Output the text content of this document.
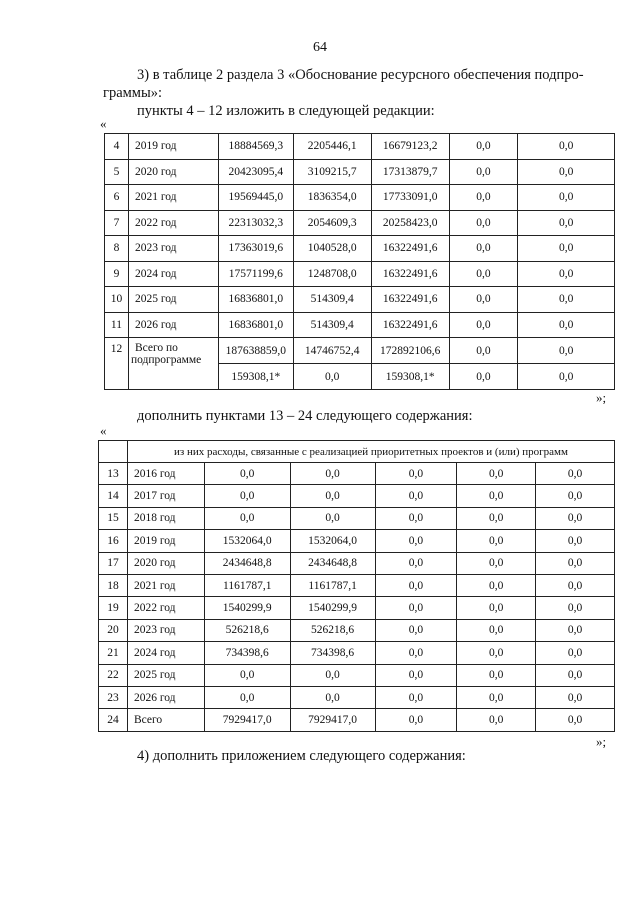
64
3) в таблице 2 раздела 3 «Обоснование ресурсного обеспечения подпро-
граммы»:
пункты 4 – 12 изложить в следующей редакции:
«
4	2019 год	18884569,3	2205446,1	16679123,2	0,0	0,0
5	2020 год	20423095,4	3109215,7	17313879,7	0,0	0,0
6	2021 год	19569445,0	1836354,0	17733091,0	0,0	0,0
7	2022 год	22313032,3	2054609,3	20258423,0	0,0	0,0
8	2023 год	17363019,6	1040528,0	16322491,6	0,0	0,0
9	2024 год	17571199,6	1248708,0	16322491,6	0,0	0,0
10	2025 год	16836801,0	514309,4	16322491,6	0,0	0,0
11	2026 год	16836801,0	514309,4	16322491,6	0,0	0,0
12	Всего по
подпрограмме	187638859,0	14746752,4	172892106,6	0,0	0,0
		159308,1*	0,0	159308,1*	0,0	0,0
»;
дополнить пунктами 13 – 24 следующего содержания:
«
	из них расходы, связанные с реализацией приоритетных проектов и (или) программ					
13	2016 год	0,0	0,0	0,0	0,0	0,0
14	2017 год	0,0	0,0	0,0	0,0	0,0
15	2018 год	0,0	0,0	0,0	0,0	0,0
16	2019 год	1532064,0	1532064,0	0,0	0,0	0,0
17	2020 год	2434648,8	2434648,8	0,0	0,0	0,0
18	2021 год	1161787,1	1161787,1	0,0	0,0	0,0
19	2022 год	1540299,9	1540299,9	0,0	0,0	0,0
20	2023 год	526218,6	526218,6	0,0	0,0	0,0
21	2024 год	734398,6	734398,6	0,0	0,0	0,0
22	2025 год	0,0	0,0	0,0	0,0	0,0
23	2026 год	0,0	0,0	0,0	0,0	0,0
24	Всего	7929417,0	7929417,0	0,0	0,0	0,0
»;
4) дополнить приложением следующего содержания:
